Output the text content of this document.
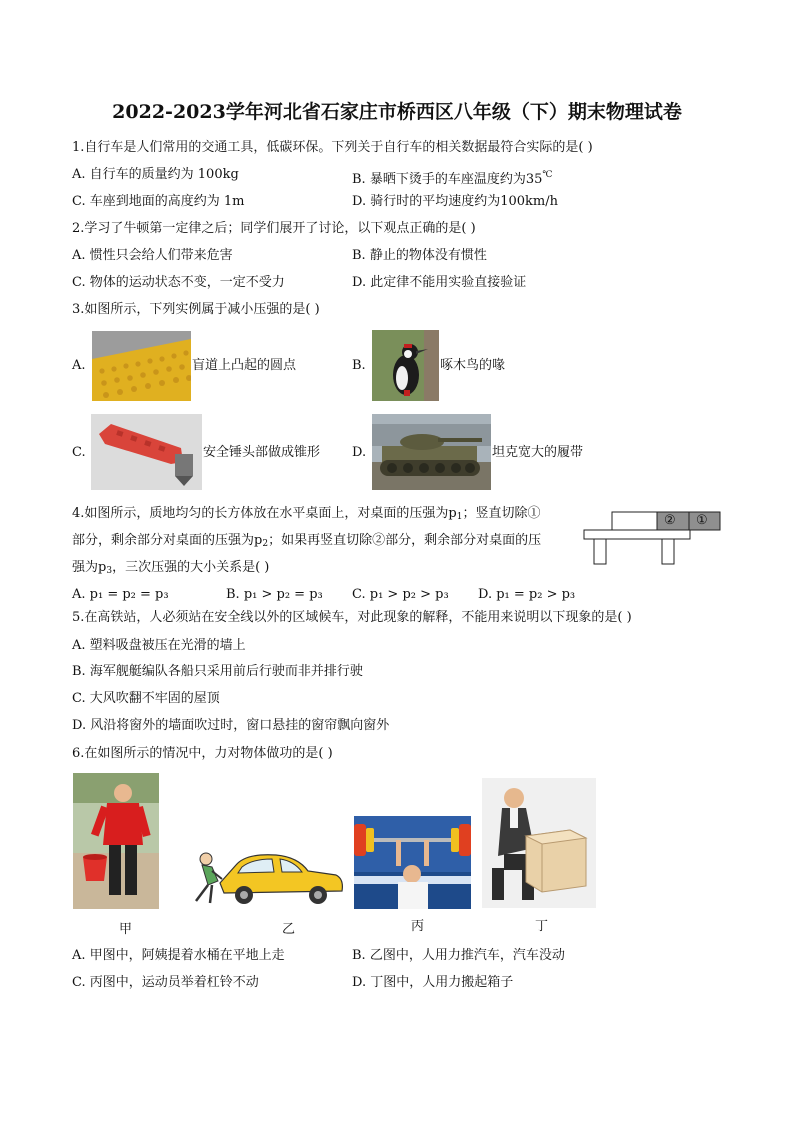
2022-2023学年河北省石家庄市桥西区八年级（下）期末物理试卷
1.自行车是人们常用的交通工具，低碳环保。下列关于自行车的相关数据最符合实际的是( )
A. 自行车的质量约为 100kg	B. 暴晒下烫手的车座温度约为35℃
C. 车座到地面的高度约为 1m	D. 骑行时的平均速度约为100km/h
2.学习了牛顿第一定律之后；同学们展开了讨论，以下观点正确的是( )
A. 惯性只会给人们带来危害	B. 静止的物体没有惯性
C. 物体的运动状态不变，一定不受力	D. 此定律不能用实验直接验证
3.如图所示，下列实例属于减小压强的是( )
A.	盲道上凸起的圆点	B.	啄木鸟的喙
C.	安全锤头部做成锥形 D.	坦克宽大的履带
4.如图所示，质地均匀的长方体放在水平桌面上，对桌面的压强为$p_1$；竖直切除①
部分，剩余部分对桌面的压强为$p_2$；如果再竖直切除②部分，剩余部分对桌面的压
强为$p_3$，三次压强的大小关系是( )
② ①
A. p₁ = p₂ = p₃	B. p₁ > p₂ = p₃ C. p₁ > p₂ > p₃ D. p₁ = p₂ > p₃
5.在高铁站，人必须站在安全线以外的区域候车，对此现象的解释，不能用来说明以下现象的是( )
A. 塑料吸盘被压在光滑的墙上
B. 海军舰艇编队各船只采用前后行驶而非并排行驶
C. 大风吹翻不牢固的屋顶
D. 风沿将窗外的墙面吹过时，窗口悬挂的窗帘飘向窗外
6.在如图所示的情况中，力对物体做功的是( )
甲	乙	丙	丁
A. 甲图中，阿姨提着水桶在平地上走	B. 乙图中，人用力推汽车，汽车没动
C. 丙图中，运动员举着杠铃不动	D. 丁图中，人用力搬起箱子
